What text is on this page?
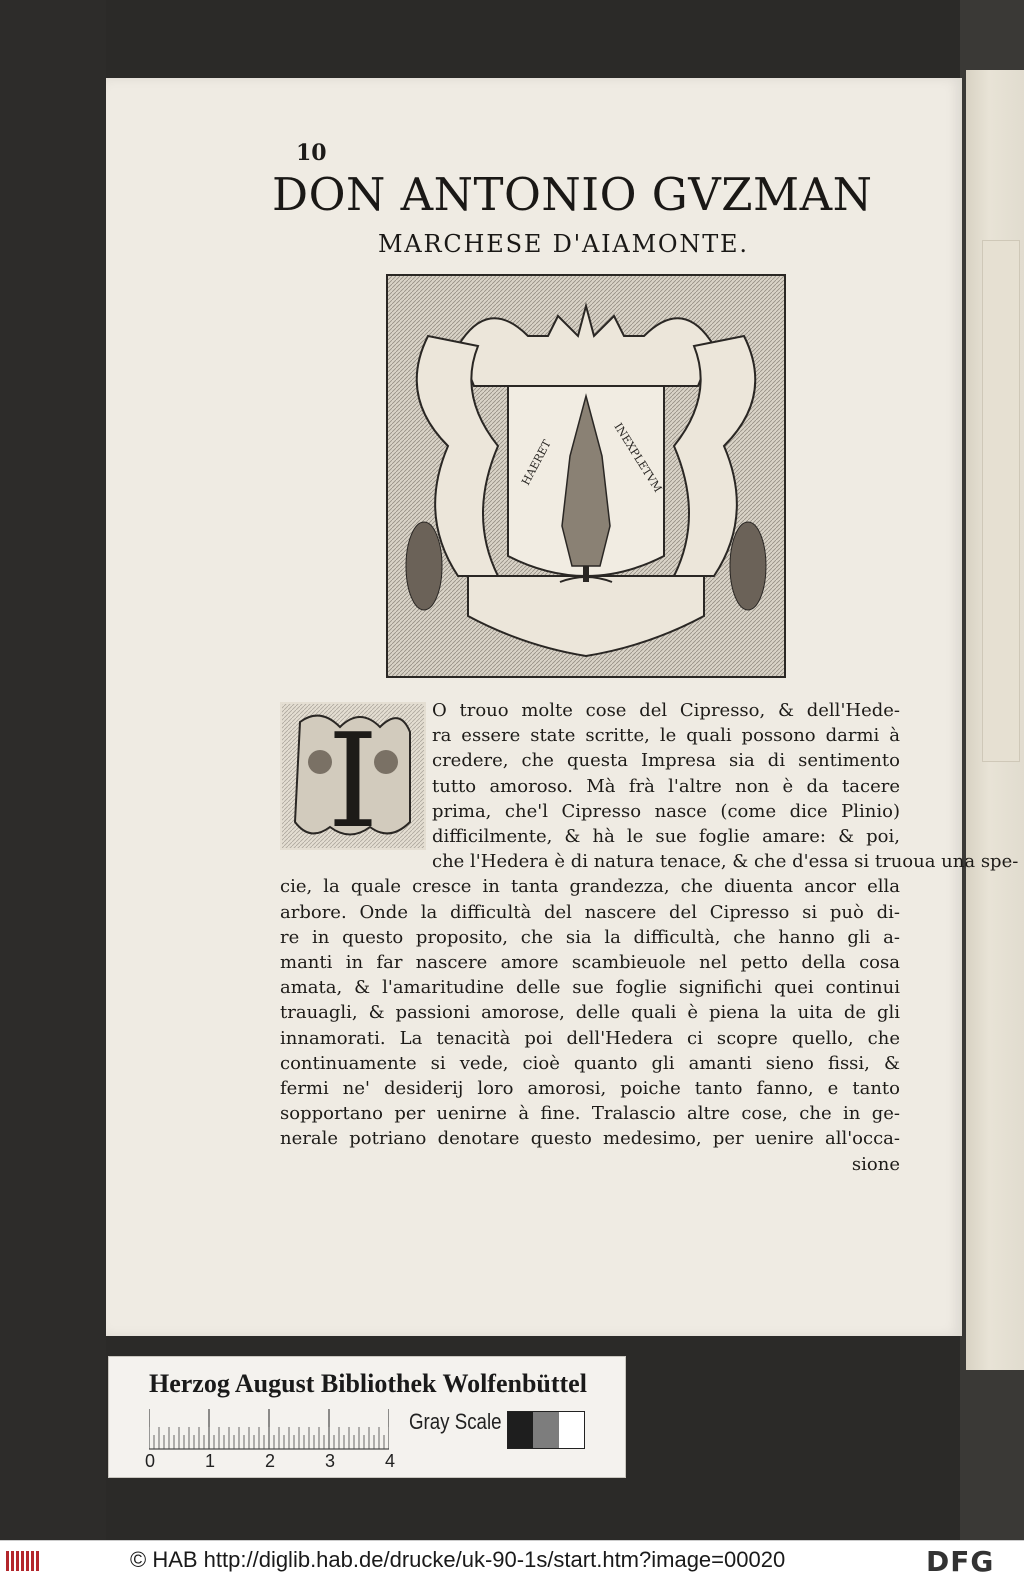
10
DON ANTONIO GVZMAN
MARCHESE D'AIAMONTE.
HAERET	INEXPLETVM
I	O trouo molte cose del Cipresso, & dell'Hede-
ra essere state scritte, le quali possono darmi à
credere, che questa Impresa sia di sentimento
tutto amoroso. Mà frà l'altre non è da tacere
prima, che'l Cipresso nasce (come dice Plinio)
difficilmente, & hà le sue foglie amare: & poi,
che l'Hedera è di natura tenace, & che d'essa si truoua una spe-
cie, la quale cresce in tanta grandezza, che diuenta ancor ella
arbore. Onde la difficultà del nascere del Cipresso si può di-
re in questo proposito, che sia la difficultà, che hanno gli a-
manti in far nascere amore scambieuole nel petto della cosa
amata, & l'amaritudine delle sue foglie significhi quei continui
trauagli, & passioni amorose, delle quali è piena la uita de gli
innamorati. La tenacità poi dell'Hedera ci scopre quello, che
continuamente si vede, cioè quanto gli amanti sieno fissi, &
fermi ne' desiderij loro amorosi, poiche tanto fanno, e tanto
sopportano per uenirne à fine. Tralascio altre cose, che in ge-
nerale potriano denotare questo medesimo, per uenire all'occa-
sione
Herzog August Bibliothek Wolfenbüttel
Gray Scale
0	1	2	3	4
© HAB http://diglib.hab.de/drucke/uk-90-1s/start.htm?image=00020	DFG
